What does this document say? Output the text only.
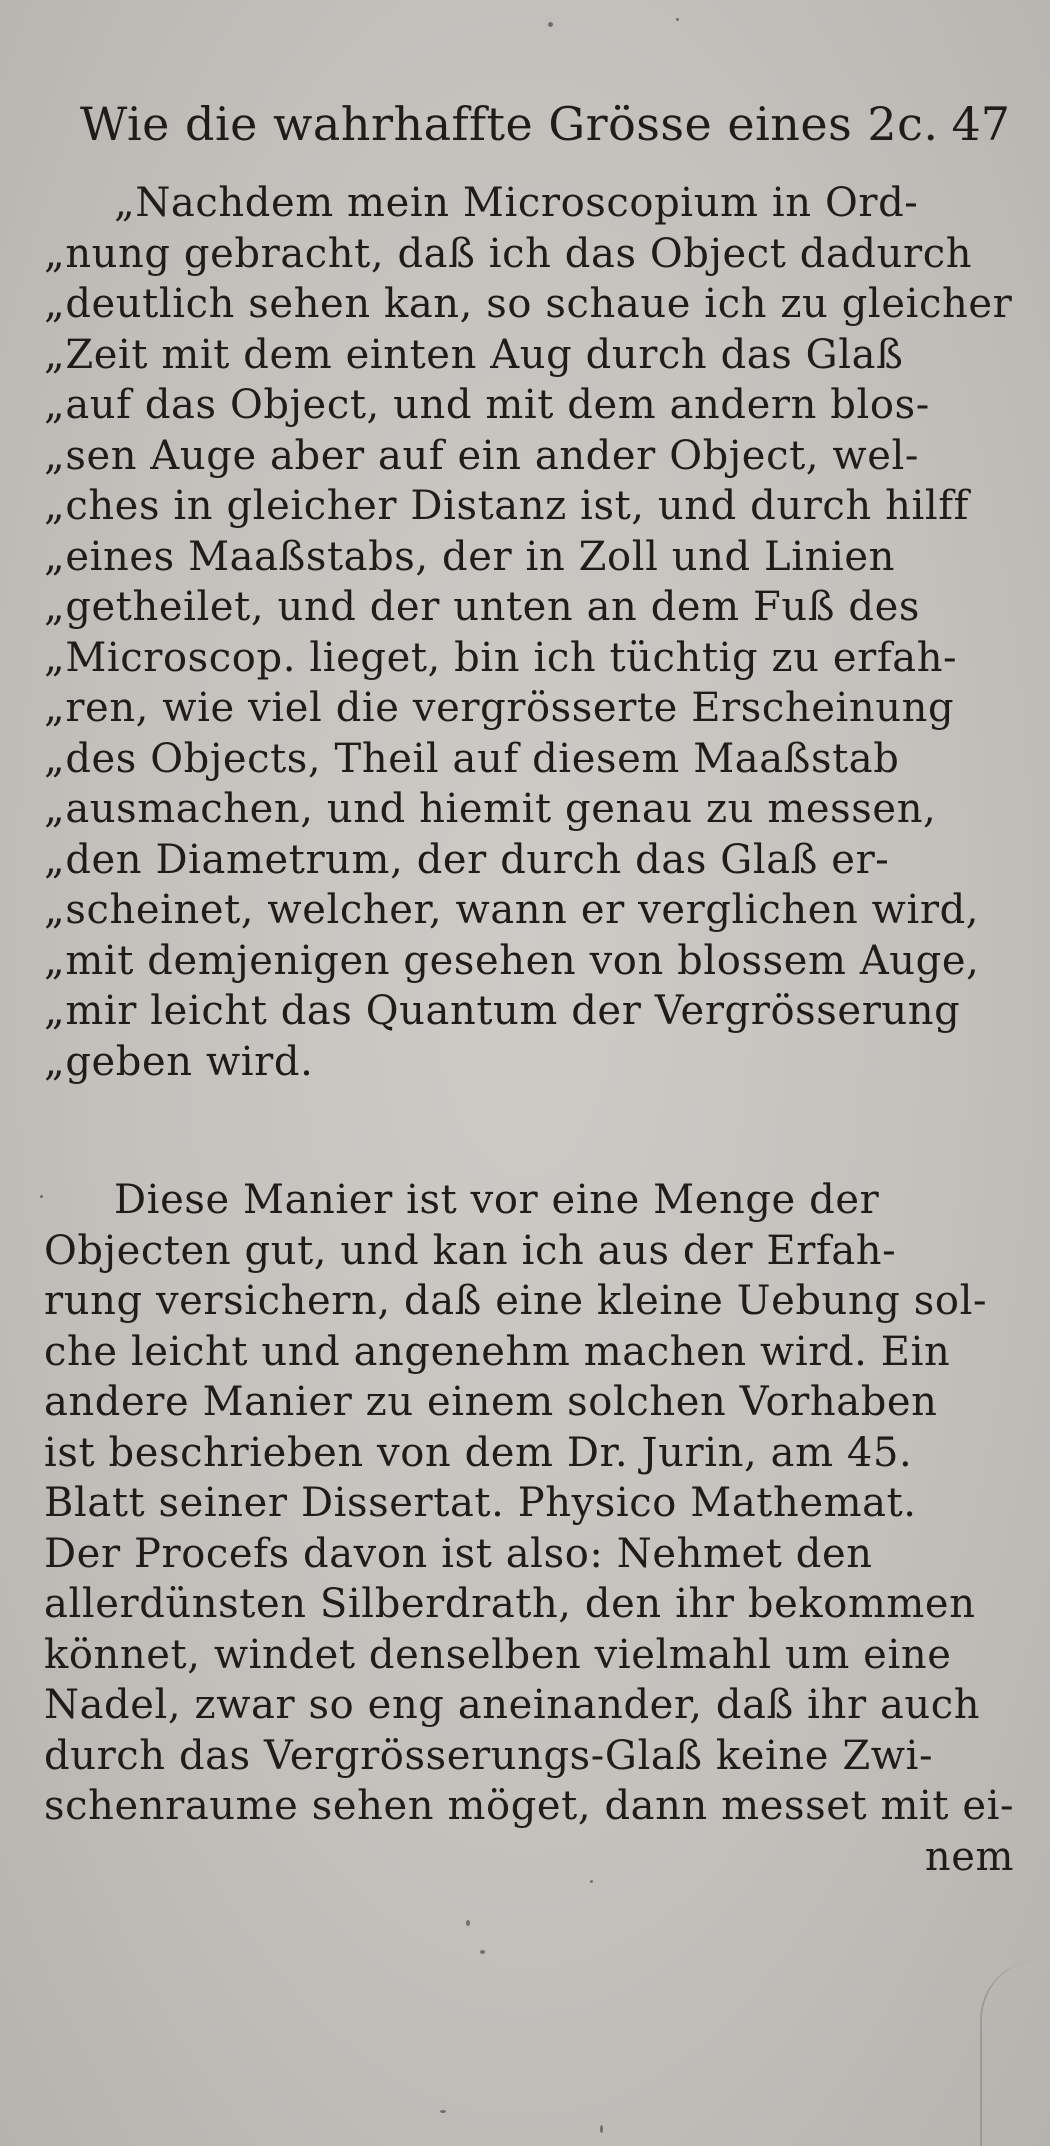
Wie die wahrhaffte Grösse eines 2c. 47
„Nachdem mein Microscopium in Ord-
„nung gebracht, daß ich das Object dadurch
„deutlich sehen kan, so schaue ich zu gleicher
„Zeit mit dem einten Aug durch das Glaß
„auf das Object, und mit dem andern blos-
„sen Auge aber auf ein ander Object, wel-
„ches in gleicher Distanz ist, und durch hilff
„eines Maaßstabs, der in Zoll und Linien
„getheilet, und der unten an dem Fuß des
„Microscop. lieget, bin ich tüchtig zu erfah-
„ren, wie viel die vergrösserte Erscheinung
„des Objects, Theil auf diesem Maaßstab
„ausmachen, und hiemit genau zu messen,
„den Diametrum, der durch das Glaß er-
„scheinet, welcher, wann er verglichen wird,
„mit demjenigen gesehen von blossem Auge,
„mir leicht das Quantum der Vergrösserung
„geben wird.
Diese Manier ist vor eine Menge der
Objecten gut, und kan ich aus der Erfah-
rung versichern, daß eine kleine Uebung sol-
che leicht und angenehm machen wird. Ein
andere Manier zu einem solchen Vorhaben
ist beschrieben von dem Dr. Jurin, am 45.
Blatt seiner Dissertat. Physico Mathemat.
Der Procefs davon ist also: Nehmet den
allerdünsten Silberdrath, den ihr bekommen
könnet, windet denselben vielmahl um eine
Nadel, zwar so eng aneinander, daß ihr auch
durch das Vergrösserungs-Glaß keine Zwi-
schenraume sehen möget, dann messet mit ei-
nem
